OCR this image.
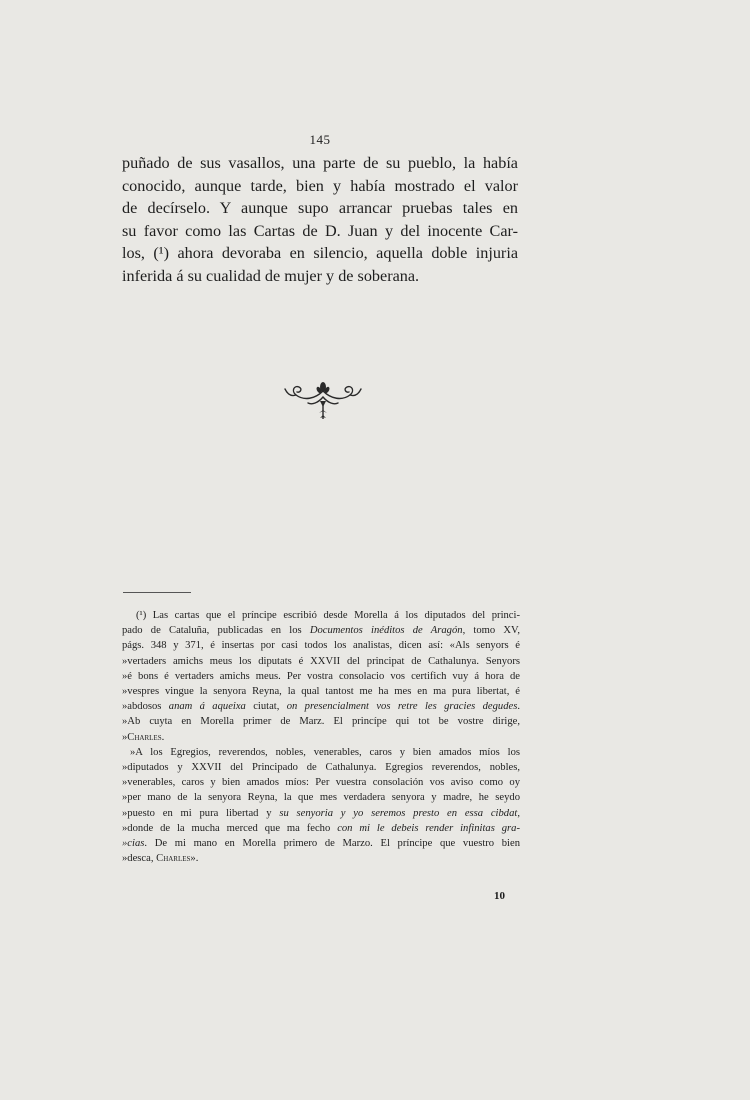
145
puñado de sus vasallos, una parte de su pueblo, la había
conocido, aunque tarde, bien y había mostrado el valor
de decírselo. Y aunque supo arrancar pruebas tales en
su favor como las Cartas de D. Juan y del inocente Car-
los, (¹) ahora devoraba en silencio, aquella doble injuria
inferida á su cualidad de mujer y de soberana.
(¹) Las cartas que el príncipe escribió desde Morella á los diputados del princi-
pado de Cataluña, publicadas en los Documentos inéditos de Aragón, tomo XV,
págs. 348 y 371, é insertas por casi todos los analistas, dicen así: «Als senyors é
»vertaders amichs meus los diputats é XXVII del principat de Cathalunya. Senyors
»é bons é vertaders amichs meus. Per vostra consolacio vos certifich vuy á hora de
»vespres vingue la senyora Reyna, la qual tantost me ha mes en ma pura libertat, é
»abdosos anam á aqueixa ciutat, on presencialment vos retre les gracies degudes.
»Ab cuyta en Morella primer de Marz. El princípe qui tot be vostre dirige,
»Charles.
»A los Egregios, reverendos, nobles, venerables, caros y bien amados míos los
»diputados y XXVII del Principado de Cathalunya. Egregios reverendos, nobles,
»venerables, caros y bien amados míos: Per vuestra consolación vos aviso como oy
»per mano de la senyora Reyna, la que mes verdadera senyora y madre, he seydo
»puesto en mi pura libertad y su senyoria y yo seremos presto en essa cibdat,
»donde de la mucha merced que ma fecho con mi le debeis render infinitas gra-
»cias. De mi mano en Morella primero de Marzo. El príncipe que vuestro bien
»desca, Charles».
10
